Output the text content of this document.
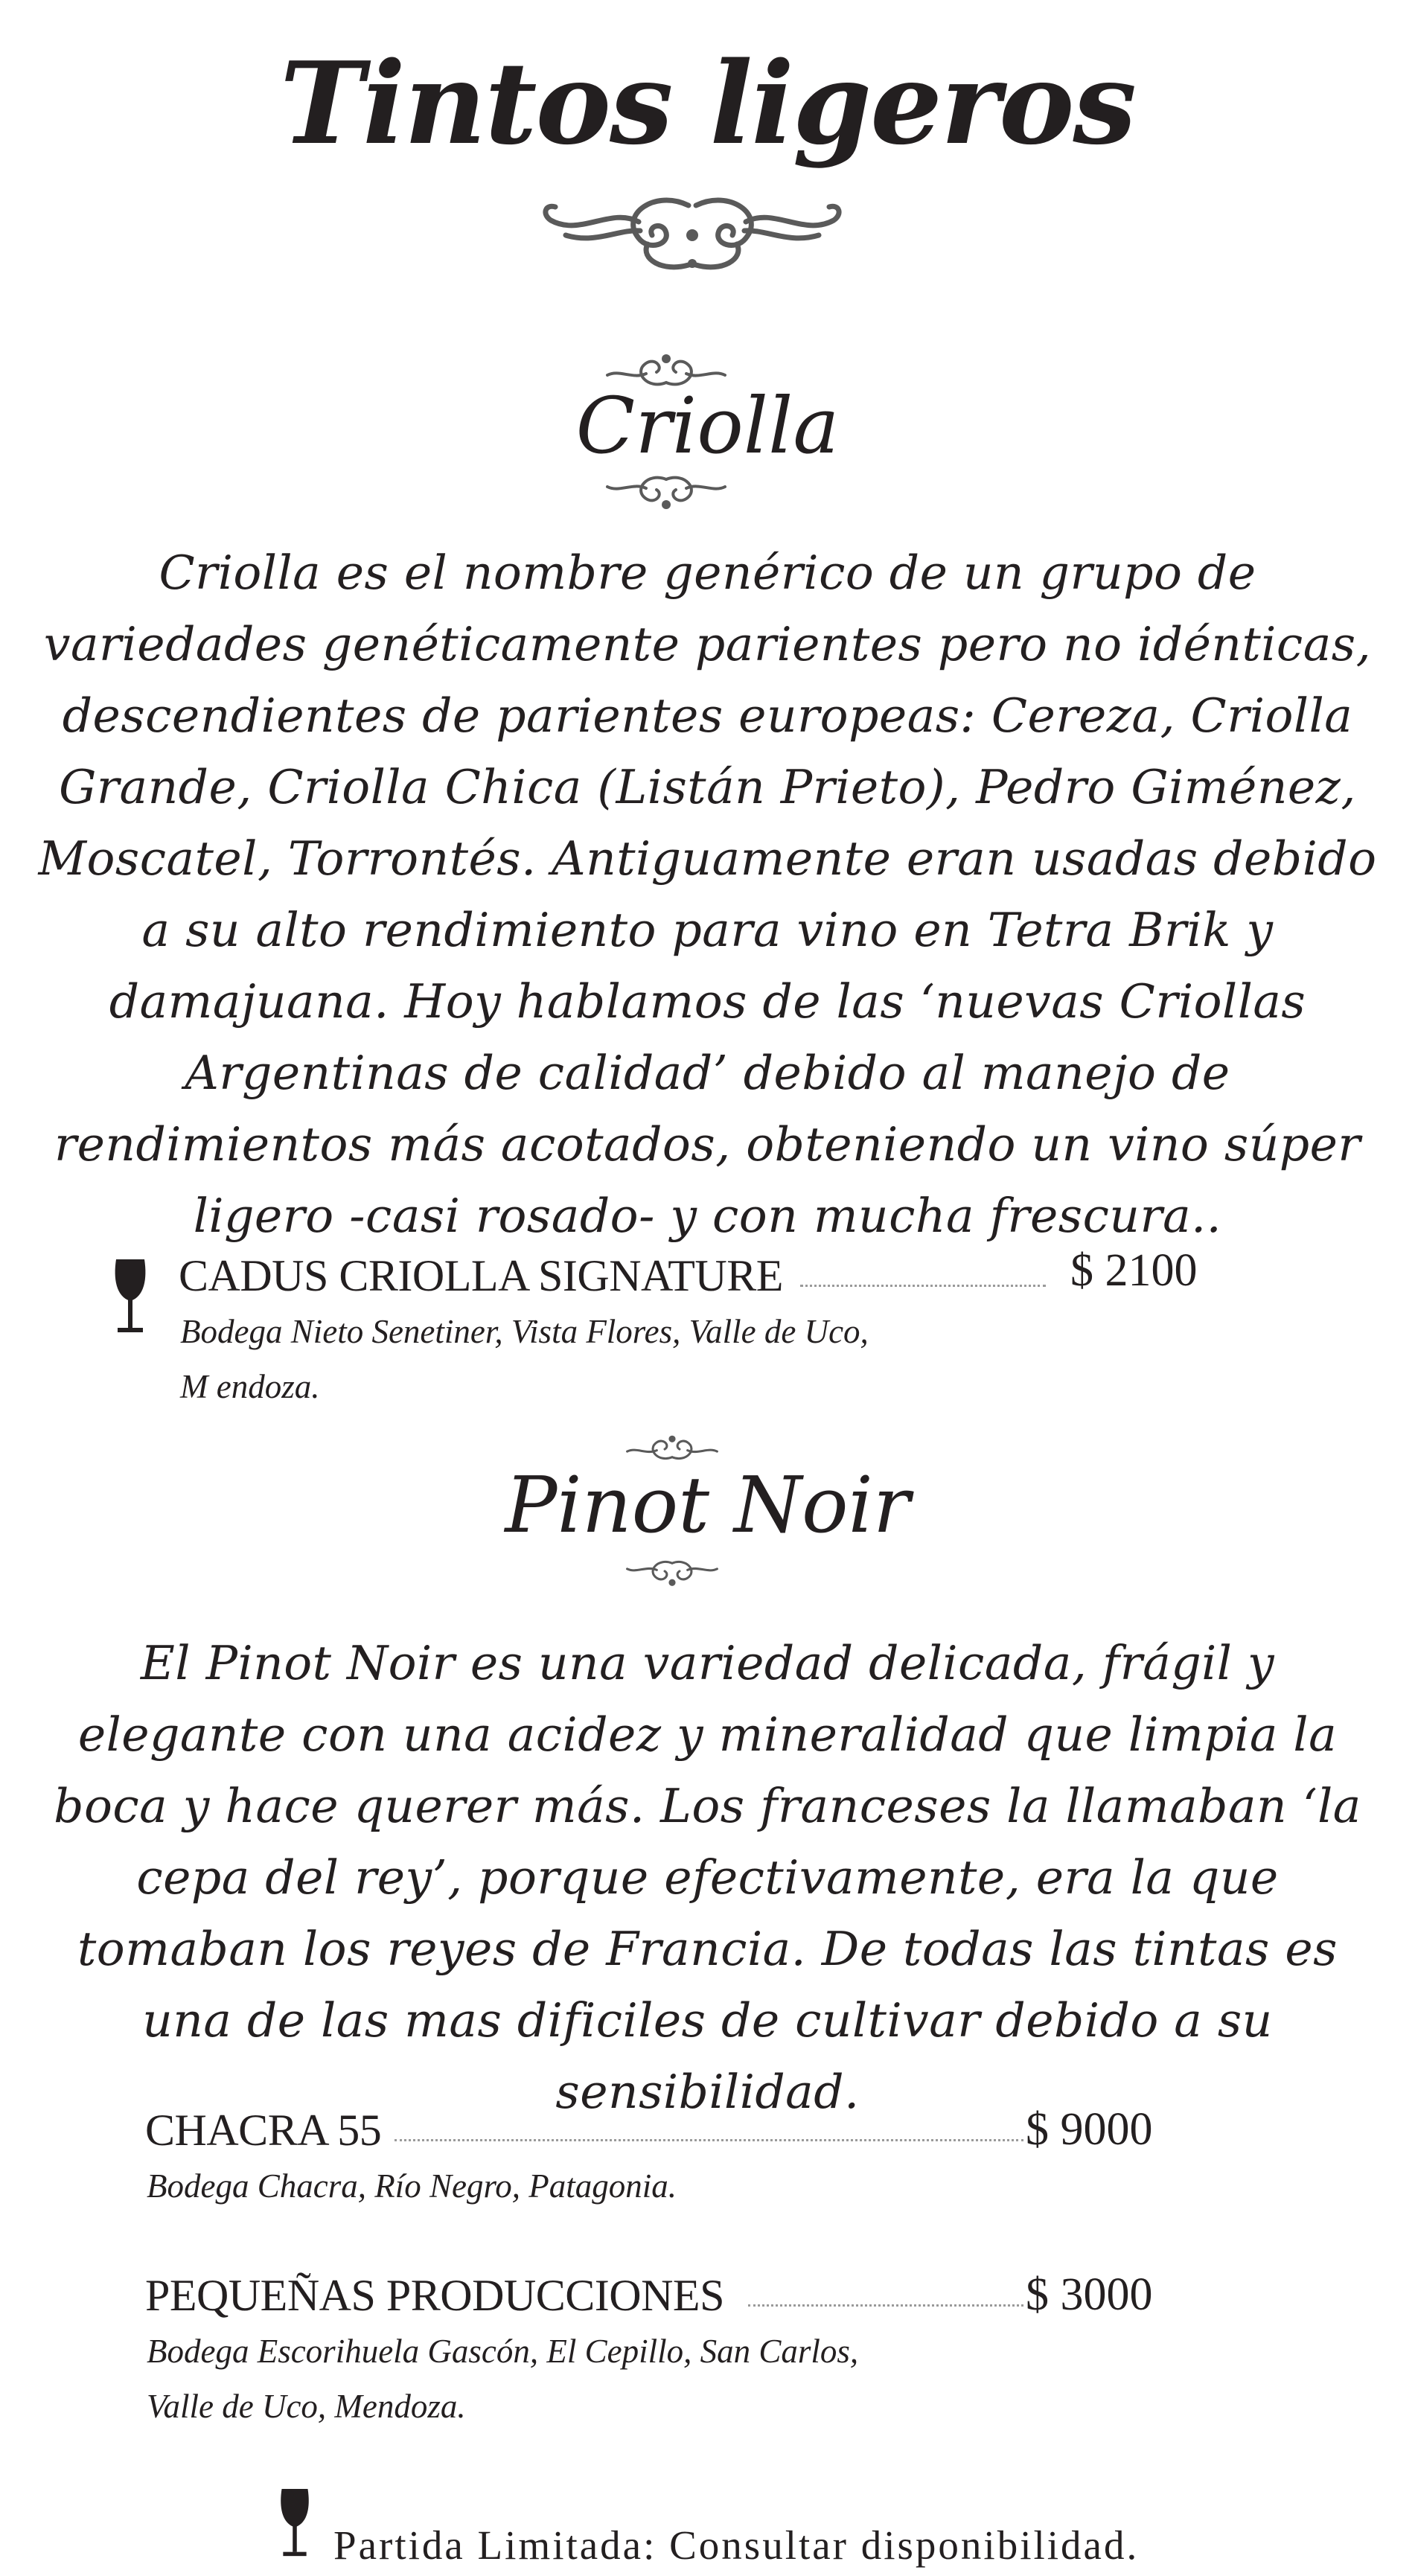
Tintos ligeros
Criolla
Criolla es el nombre genérico de un grupo de variedades genéticamente parientes pero no idénticas, descendientes de parientes europeas: Cereza, Criolla Grande, Criolla Chica (Listán Prieto), Pedro Giménez, Moscatel, Torrontés. Antiguamente eran usadas debido a su alto rendimiento para vino en Tetra Brik y damajuana. Hoy hablamos de las ‘nuevas Criollas Argentinas de calidad’ debido al manejo de rendimientos más acotados, obteniendo un vino súper ligero -casi rosado- y con mucha frescura..
CADUS CRIOLLA SIGNATURE	$ 2100
Bodega Nieto Senetiner, Vista Flores, Valle de Uco,
M endoza.
Pinot Noir
El Pinot Noir es una variedad delicada, frágil y elegante con una acidez y mineralidad que limpia la boca y hace querer más. Los franceses la llamaban ‘la cepa del rey’, porque efectivamente, era la que tomaban los reyes de Francia. De todas las tintas es una de las mas dificiles de cultivar debido a su sensibilidad.
CHACRA 55	$ 9000
Bodega Chacra, Río Negro, Patagonia.
PEQUEÑAS PRODUCCIONES	$ 3000
Bodega Escorihuela Gascón, El Cepillo, San Carlos,
Valle de Uco, Mendoza.
Partida Limitada: Consultar disponibilidad.
